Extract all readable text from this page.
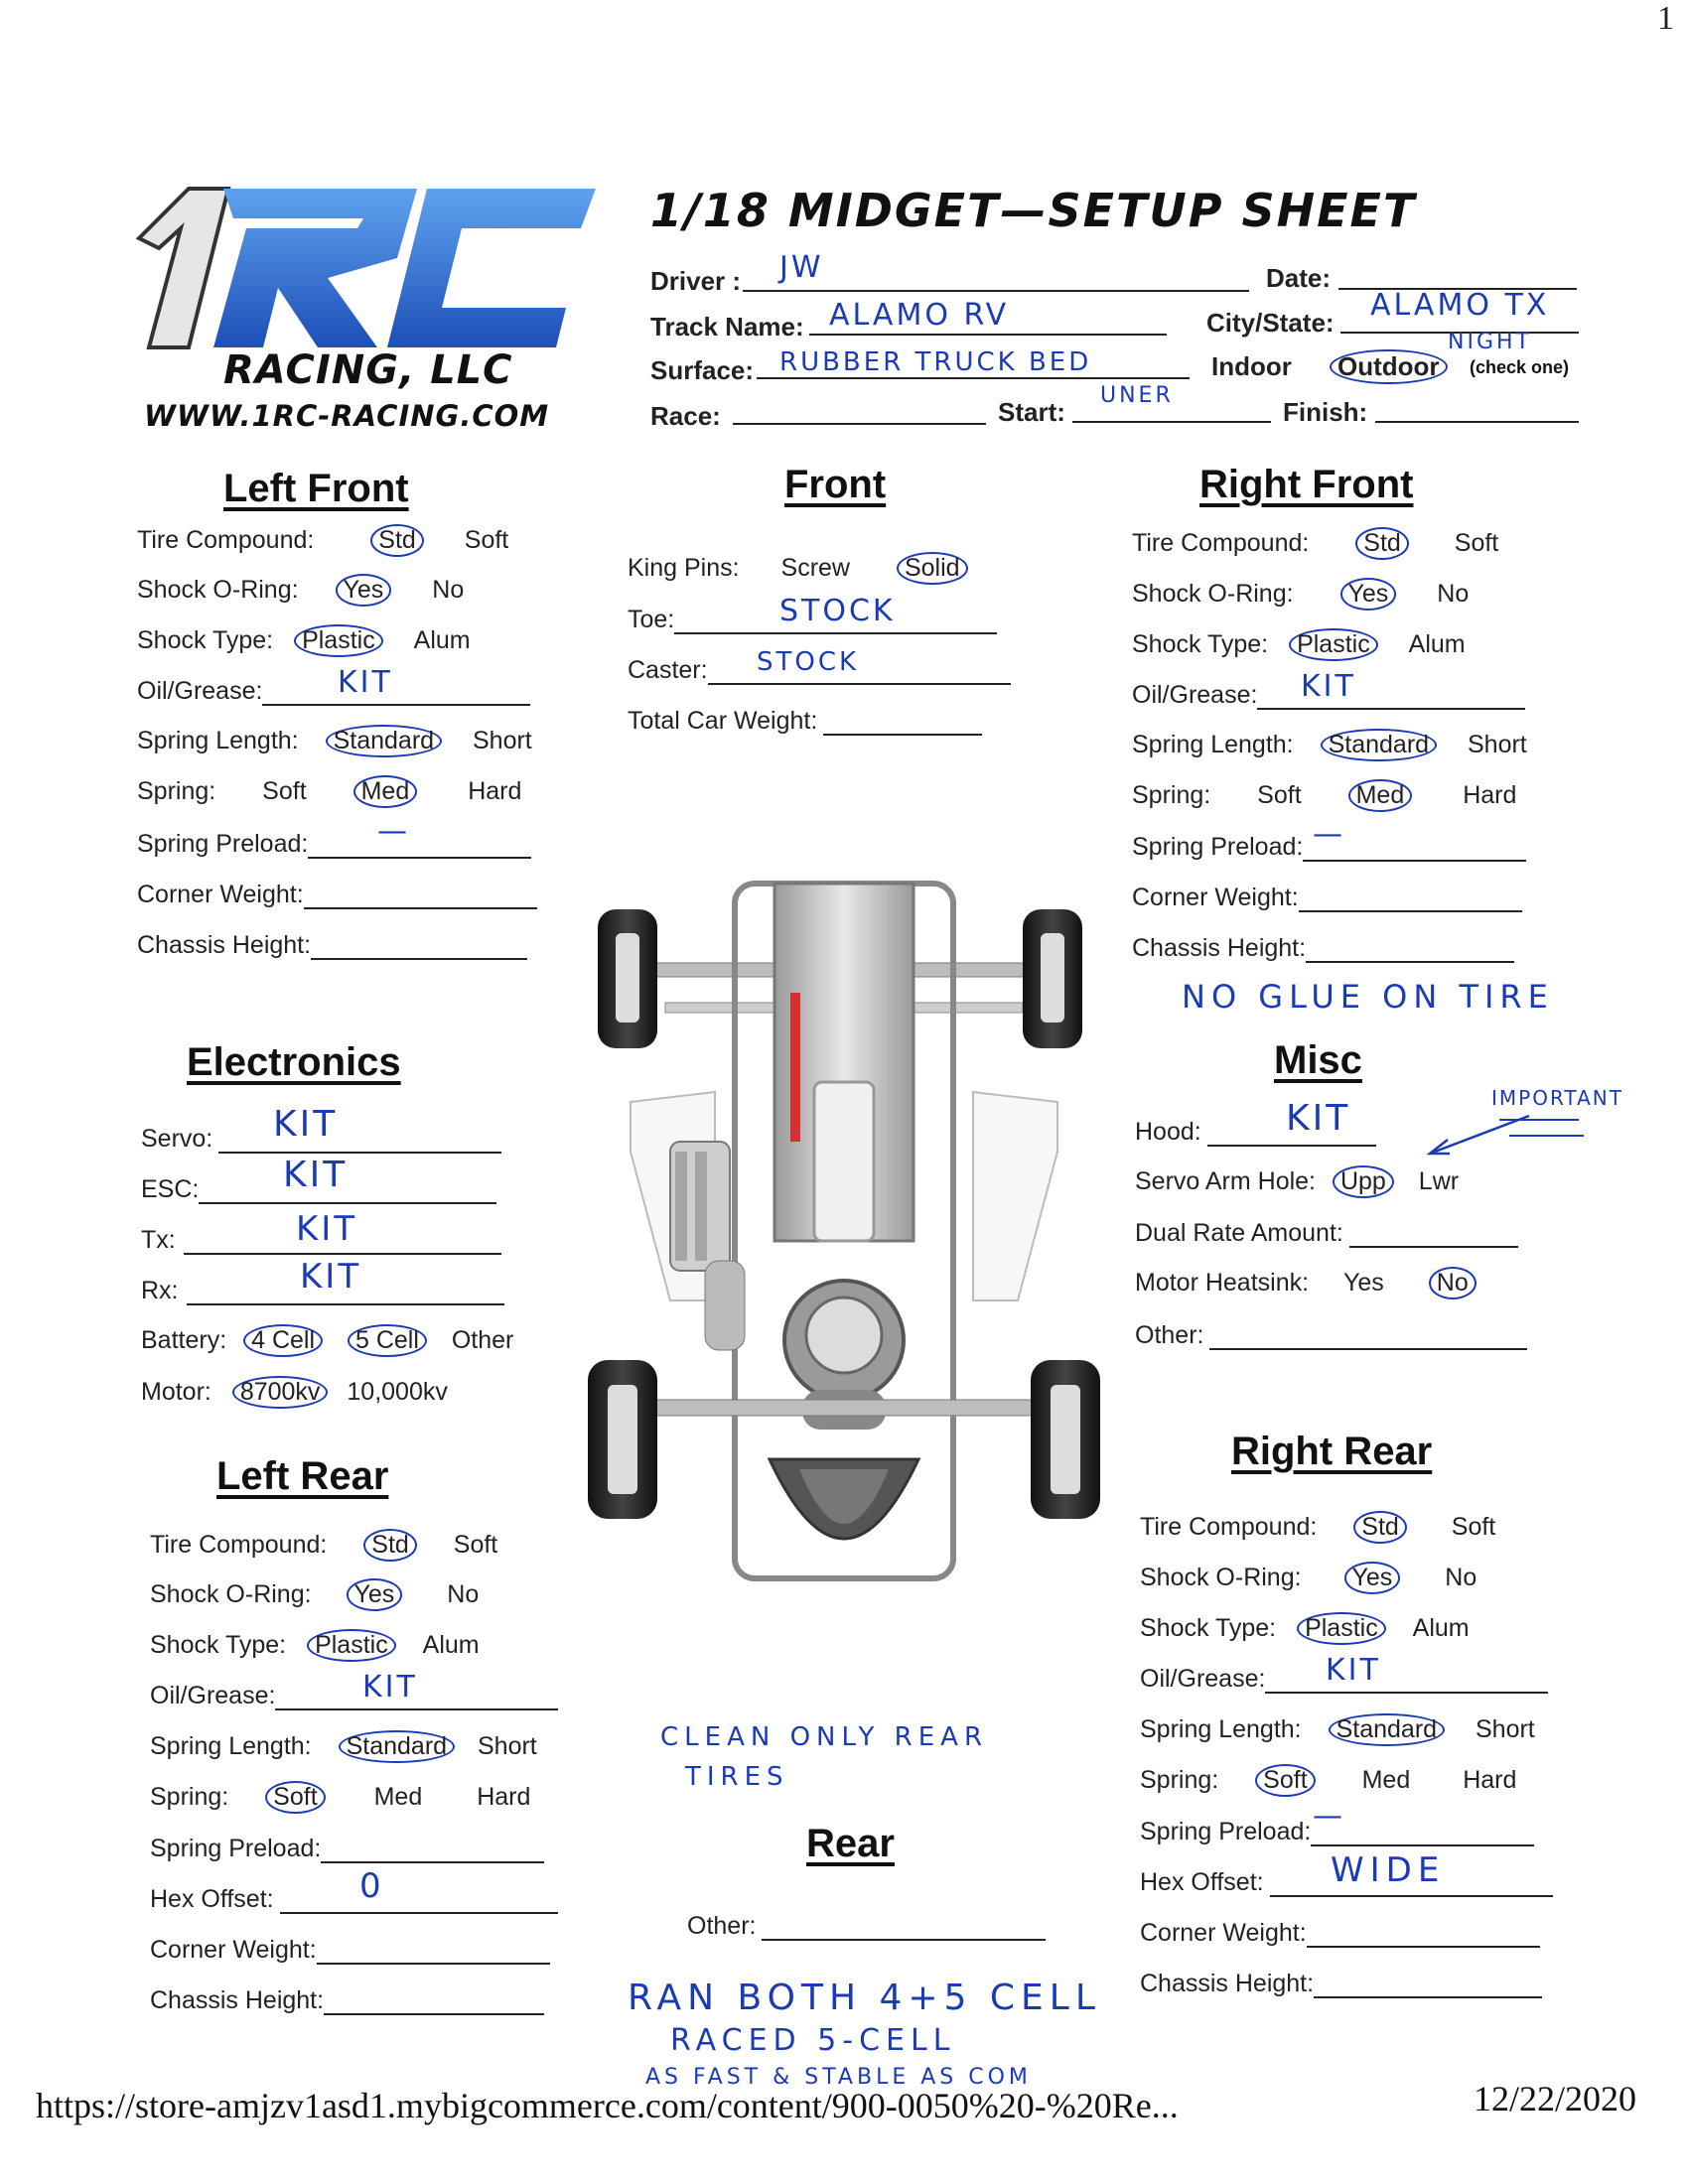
1
RACING, LLC
WWW.1RC-RACING.COM
1/18 MIDGET—SETUP SHEET
Driver : JW	Date:
Track Name: ALAMO RV	City/State: ALAMO TX
Surface: RUBBER TRUCK BED	Indoor Outdoor
NIGHT
(check one)
Race:	Start:
UNER
Finish:
Left Front
Tire Compound:	Std Soft
Shock O-Ring: Yes No
Shock Type: Plastic Alum
Oil/Grease:	KIT
Spring Length: Standard Short
Spring: Soft Med Hard
Spring Preload:	—
Corner Weight:
Chassis Height:
Front
King Pins: Screw Solid
Toe:	STOCK
Caster:	STOCK
Total Car Weight:
Right Front
Tire Compound: Std Soft
Shock O-Ring: Yes No
Shock Type: Plastic Alum
Oil/Grease:	KIT
Spring Length: Standard Short
Spring: Soft Med Hard
Spring Preload: —
Corner Weight:
Chassis Height:
NO GLUE ON TIRE
Electronics
Servo:	KIT
ESC:	KIT
Tx:	KIT
Rx:	KIT
Battery: 4 Cell 5 Cell Other
Motor: 8700kv 10,000kv
Misc
Hood:	KIT	IMPORTANT
Servo Arm Hole: Upp Lwr
Dual Rate Amount:
Motor Heatsink: Yes No
Other:
Left Rear
Tire Compound: Std Soft
Shock O-Ring: Yes No
Shock Type: Plastic Alum
Oil/Grease:	KIT
Spring Length: Standard Short
Spring: Soft Med Hard
Spring Preload:
Hex Offset:	0
Corner Weight:
Chassis Height:
CLEAN ONLY REAR
TIRES
Rear
Other:
Right Rear
Tire Compound: Std Soft
Shock O-Ring: Yes No
Shock Type: Plastic Alum
Oil/Grease:	KIT
Spring Length: Standard Short
Spring: Soft Med Hard
Spring Preload: —
Hex Offset:	WIDE
Corner Weight:
Chassis Height:
RAN BOTH 4+5 CELL
RACED 5-CELL
AS FAST & STABLE AS COM
https://store-amjzv1asd1.mybigcommerce.com/content/900-0050%20-%20Re...	12/22/2020
